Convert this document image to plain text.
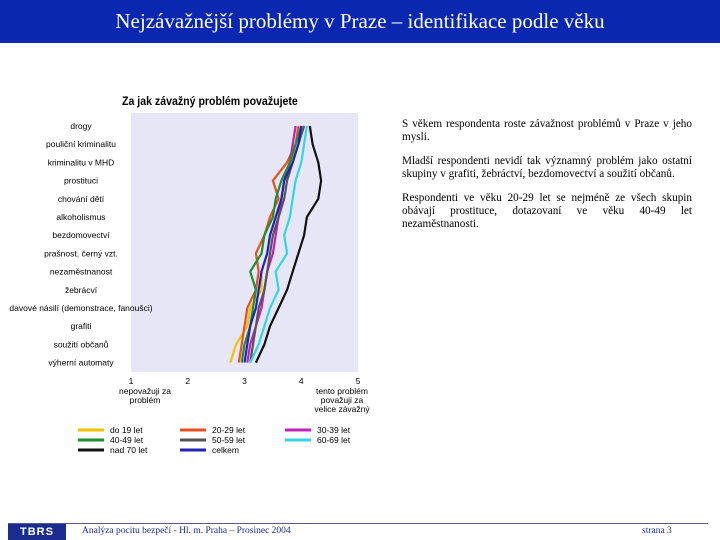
Nejzávažnější problémy v Praze – identifikace podle věku
Za jak závažný problém považujete
drogy
pouliční kriminalitu
kriminalitu v MHD
prostituci
chování dětí
alkoholismus
bezdomovectví
prašnost, černý vzt.
nezaměstnanost
žebrácví
davové násilí (demonstrace, fanoušci)
grafiti
soužití občanů
výherní automaty
1	2	3	4	5
nepovažuji za
problém
tento problém
považuji za
velice závažný
do 19 let	20-29 let	30-39 let
40-49 let	50-59 let	60-69 let
nad 70 let	celkem

S věkem respondenta roste závažnost problémů v Praze v jeho mysli.

Mladší respondenti nevidí tak významný problém jako ostatní skupiny v grafiti, žebráctví, bezdomovectví a soužití občanů.

Respondenti ve věku 20-29 let se nejméně ze všech skupin obávají prostituce, dotazovaní ve věku 40-49 let nezaměstnanosti.

TBRS	Analýza pocitu bezpečí - Hl. m. Praha – Prosinec 2004	strana 3
